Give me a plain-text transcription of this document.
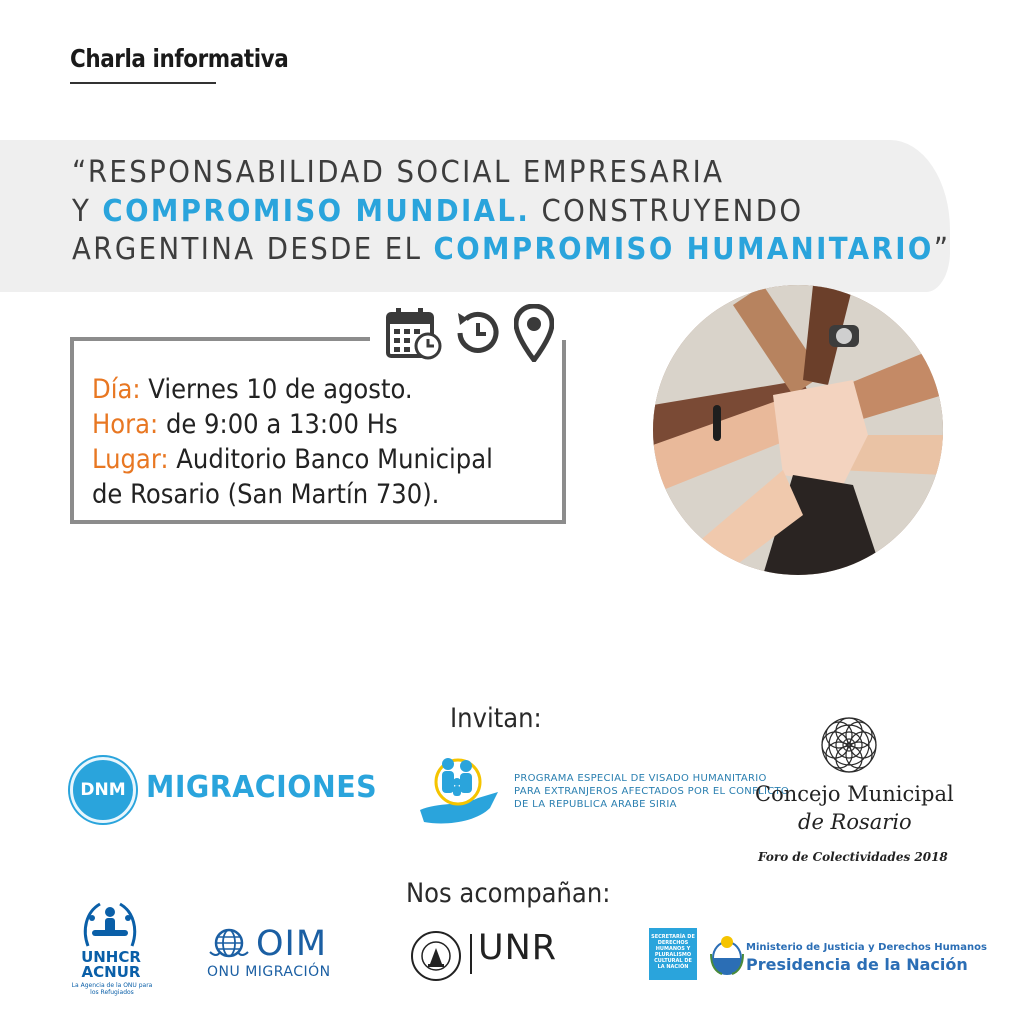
Charla informativa
“RESPONSABILIDAD SOCIAL EMPRESARIA
Y COMPROMISO MUNDIAL. CONSTRUYENDO
ARGENTINA DESDE EL COMPROMISO HUMANITARIO”
Día: Viernes 10 de agosto.
Hora: de 9:00 a 13:00 Hs
Lugar: Auditorio Banco Municipal
de Rosario (San Martín 730).
Invitan:
DNM MIGRACIONES	PROGRAMA ESPECIAL DE VISADO HUMANITARIO
PARA EXTRANJEROS AFECTADOS POR EL CONFLICTO
DE LA REPUBLICA ARABE SIRIA	Concejo Municipal
de Rosario
Foro de Colectividades 2018
Nos acompañan:
UNHCR
ACNUR
La Agencia de la ONU para los Refugiados
OIM
ONU MIGRACIÓN
UNR	SECRETARÍA DE DERECHOS HUMANOS Y PLURALISMO CULTURAL DE LA NACIÓN
Ministerio de Justicia y Derechos Humanos
Presidencia de la Nación
